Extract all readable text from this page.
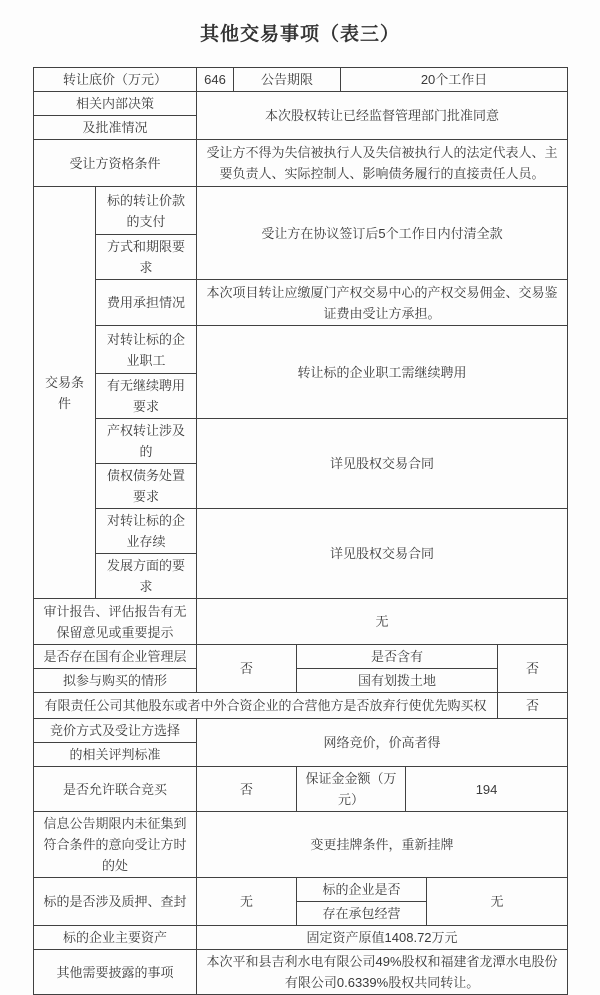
其他交易事项（表三）
转让底价（万元）		646	公告期限		20个工作日			
相关内部决策		本次股权转让已经监督管理部门批准同意						
及批准情况								
受让方资格条件		受让方不得为失信被执行人及失信被执行人的法定代表人、主要负责人、实际控制人、影响债务履行的直接责任人员。						
交易条件	标的转让价款的支付	受让方在协议签订后5个工作日内付清全款						
	方式和期限要求							
	费用承担情况	本次项目转让应缴厦门产权交易中心的产权交易佣金、交易鉴证费由受让方承担。						
	对转让标的企业职工	转让标的企业职工需继续聘用						
	有无继续聘用要求							
	产权转让涉及的	详见股权交易合同						
	债权债务处置要求							
	对转让标的企业存续	详见股权交易合同						
	发展方面的要求							
审计报告、评估报告有无保留意见或重要提示		无						
是否存在国有企业管理层		否		是否含有				否
拟参与购买的情形				国有划拨土地				
有限责任公司其他股东或者中外合资企业的合营他方是否放弃行使优先购买权								否
竞价方式及受让方选择		网络竞价，价高者得						
的相关评判标准								
是否允许联合竞买		否		保证金金额（万元）		194		
信息公告期限内未征集到符合条件的意向受让方时的处		变更挂牌条件，重新挂牌						
标的是否涉及质押、查封		无		标的企业是否			无	
				存在承包经营				
标的企业主要资产		固定资产原值1408.72万元						
其他需要披露的事项		本次平和县吉利水电有限公司49%股权和福建省龙潭水电股份有限公司0.6339%股权共同转让。						
